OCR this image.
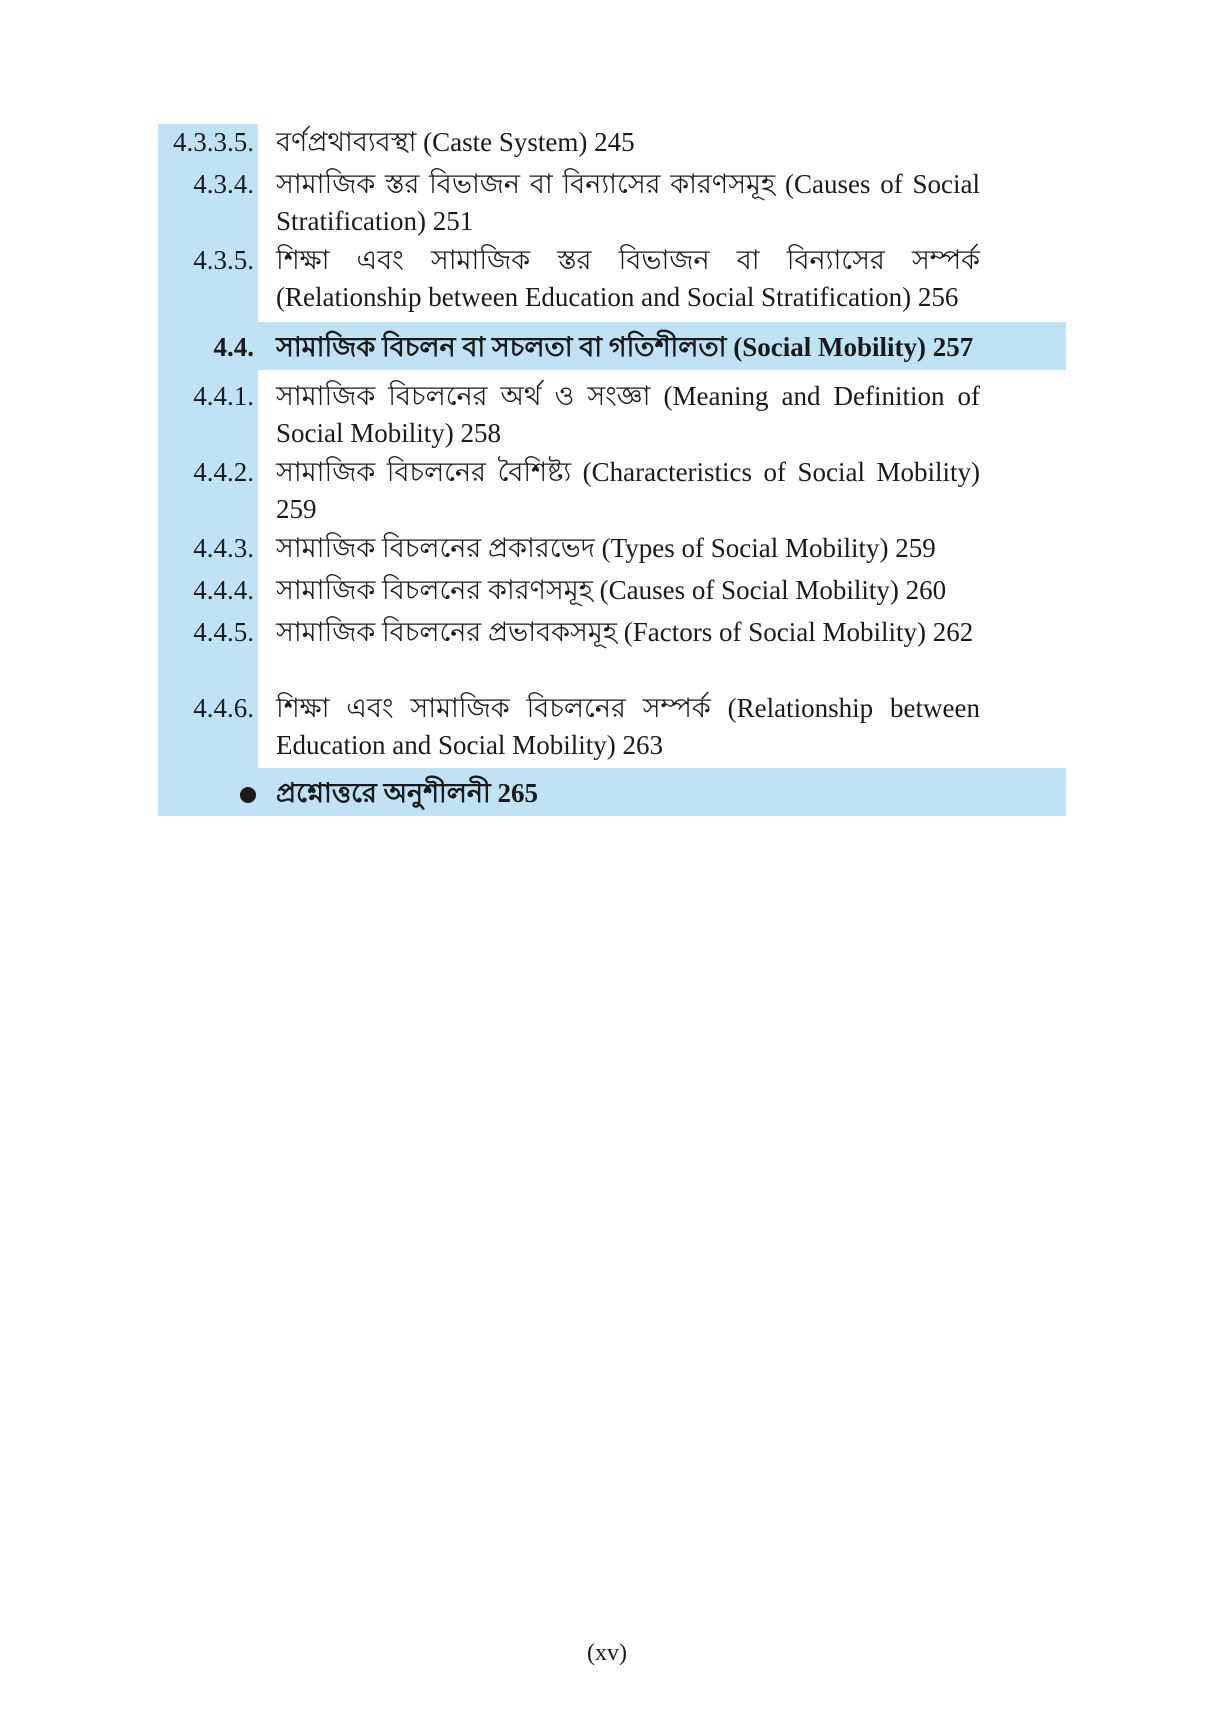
4.3.3.5. বর্ণপ্রথাব্যবস্থা (Caste System) 245
4.3.4. সামাজিক স্তর বিভাজন বা বিন্যাসের কারণসমূহ (Causes of Social Stratification) 251
4.3.5. শিক্ষা এবং সামাজিক স্তর বিভাজন বা বিন্যাসের সম্পর্ক (Relationship between Education and Social Stratification) 256
4.4. সামাজিক বিচলন বা সচলতা বা গতিশীলতা (Social Mobility) 257
4.4.1. সামাজিক বিচলনের অর্থ ও সংজ্ঞা (Meaning and Definition of Social Mobility) 258
4.4.2. সামাজিক বিচলনের বৈশিষ্ট্য (Characteristics of Social Mobility) 259
4.4.3. সামাজিক বিচলনের প্রকারভেদ (Types of Social Mobility) 259
4.4.4. সামাজিক বিচলনের কারণসমূহ (Causes of Social Mobility) 260
4.4.5. সামাজিক বিচলনের প্রভাবকসমূহ (Factors of Social Mobility) 262
4.4.6. শিক্ষা এবং সামাজিক বিচলনের সম্পর্ক (Relationship between Education and Social Mobility) 263
প্রশ্নোত্তরে অনুশীলনী 265
(xv)
